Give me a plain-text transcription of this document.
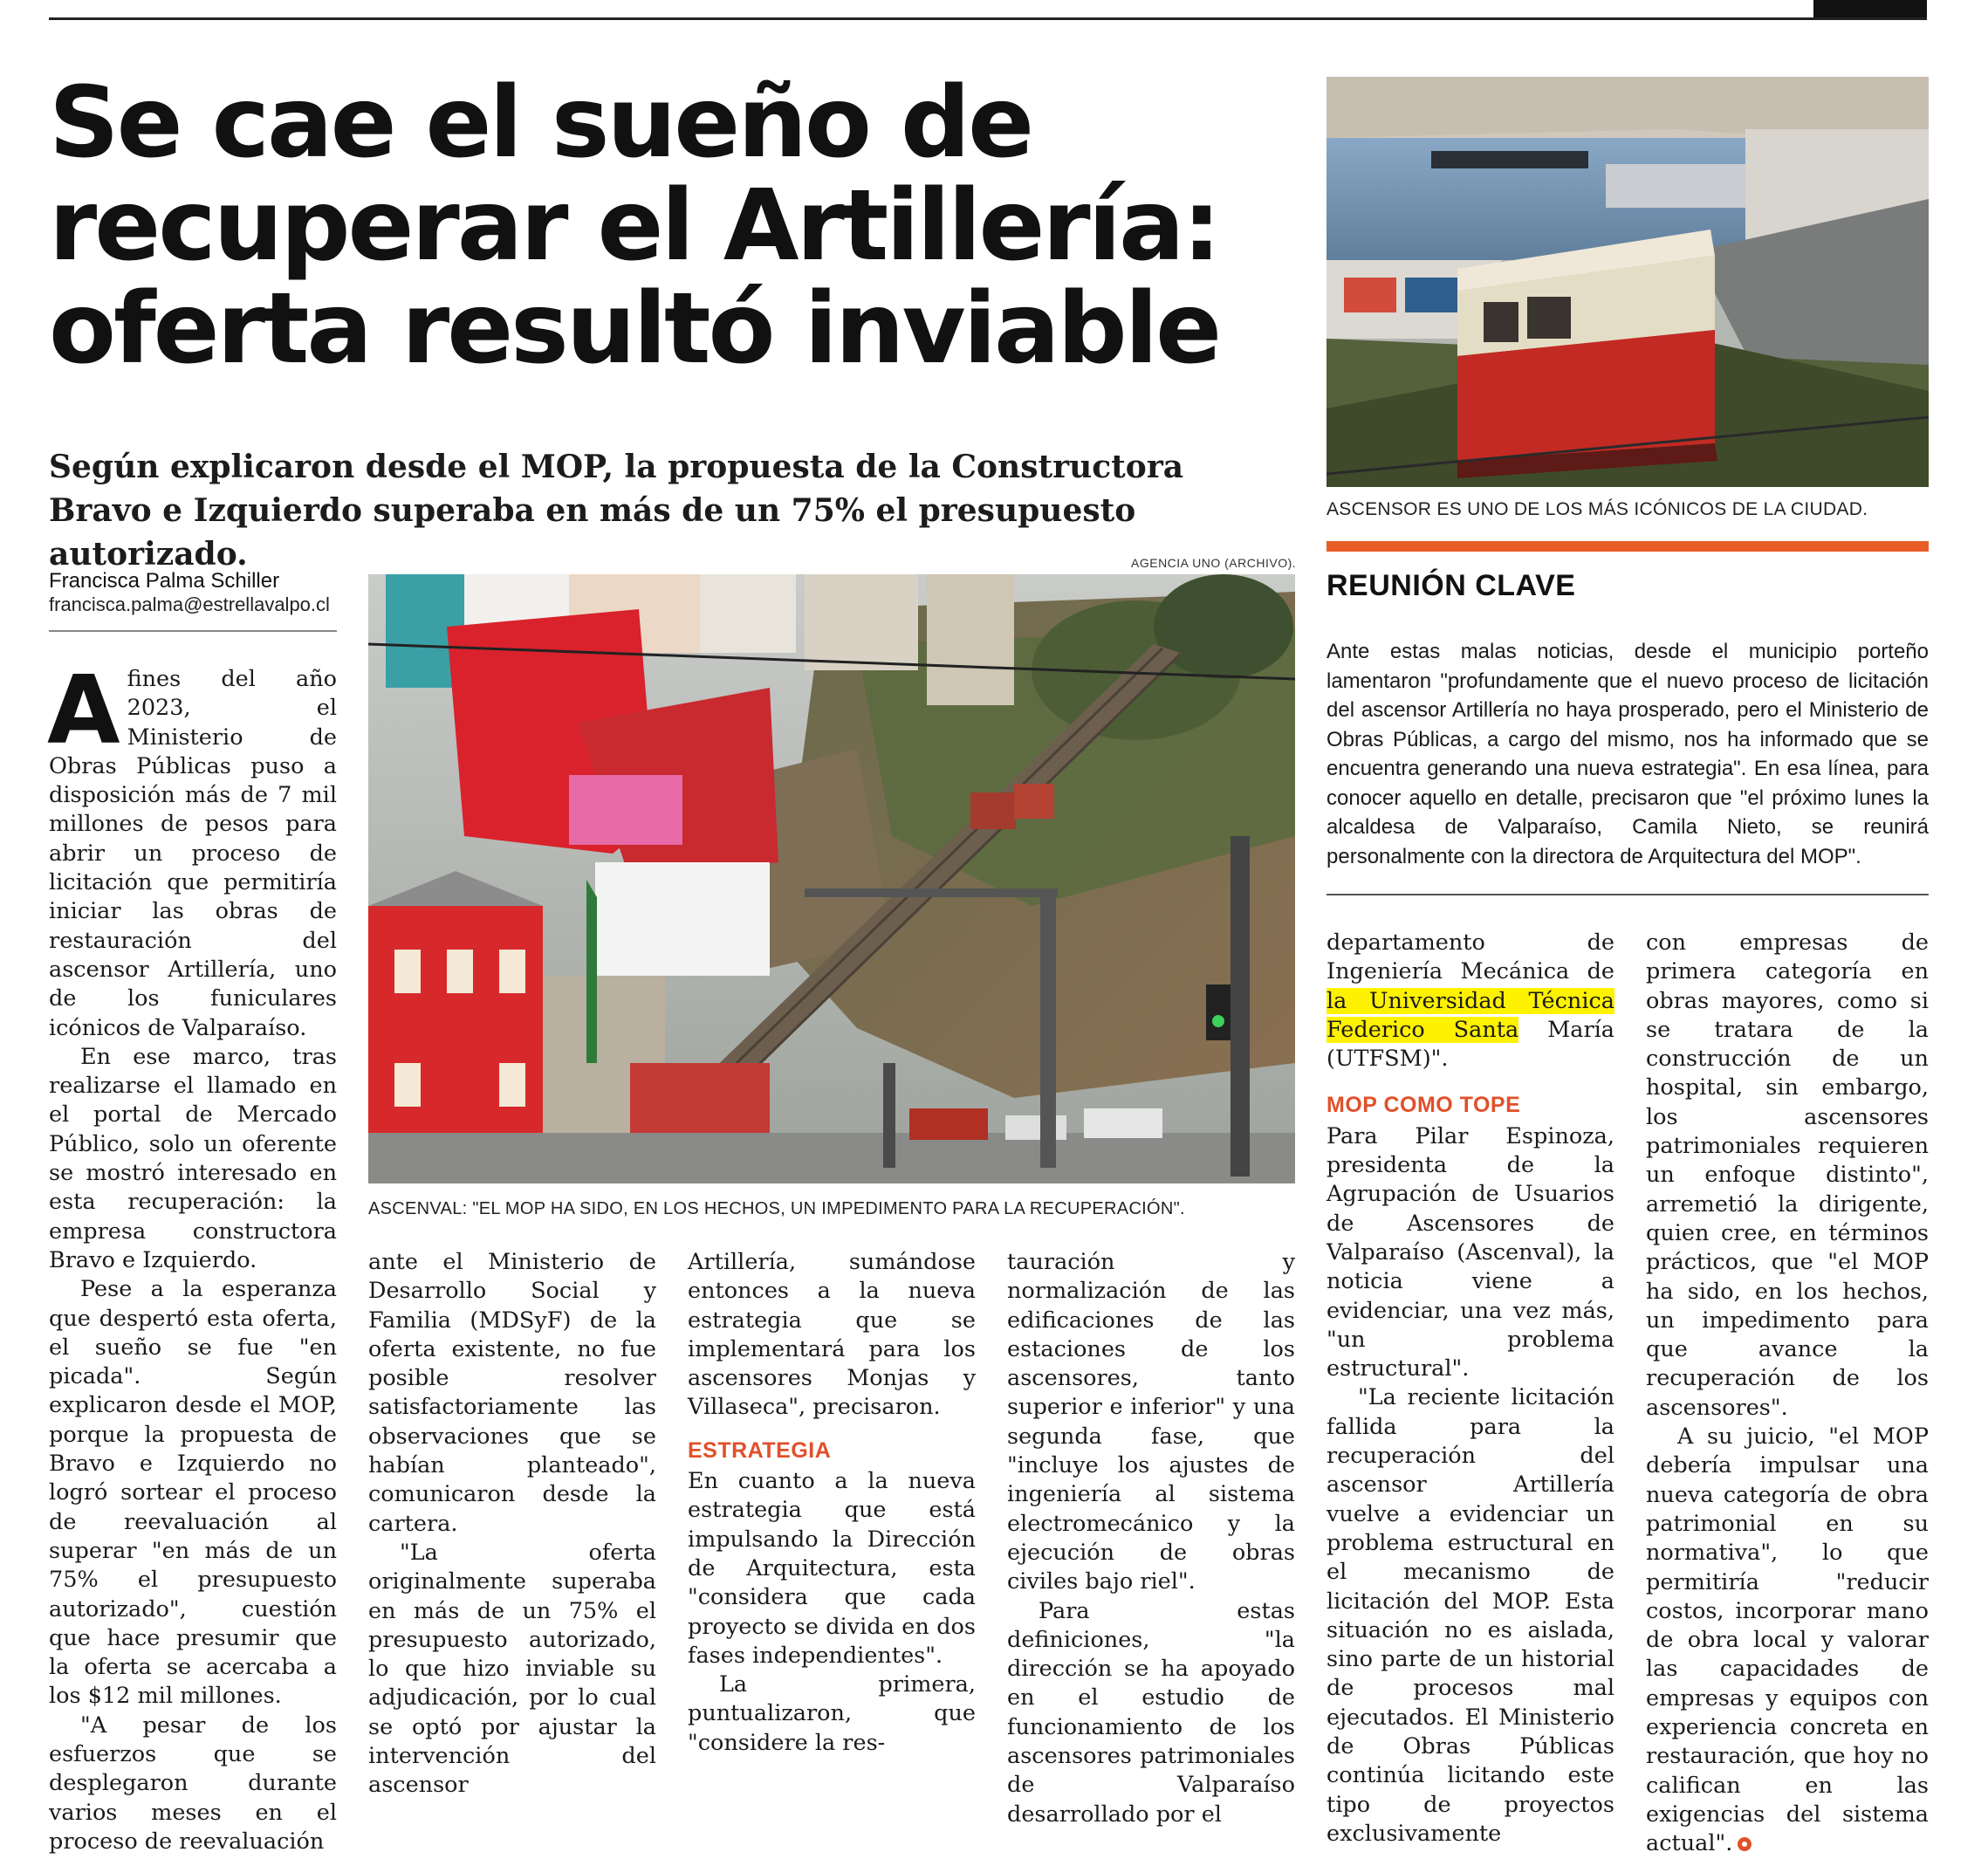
Se cae el sueño de
recuperar el Artillería:
oferta resultó inviable
Según explicaron desde el MOP, la propuesta de la Constructora Bravo e Izquierdo superaba en más de un 75% el presupuesto autorizado.
Francisca Palma Schiller
francisca.palma@estrellavalpo.cl
AGENCIA UNO (ARCHIVO).
ASCENVAL: "EL MOP HA SIDO, EN LOS HECHOS, UN IMPEDIMENTO PARA LA RECUPERACIÓN".
ASCENSOR ES UNO DE LOS MÁS ICÓNICOS DE LA CIUDAD.
REUNIÓN CLAVE
Ante estas malas noticias, desde el municipio porteño lamentaron "profundamente que el nuevo proceso de licitación del ascensor Artillería no haya prosperado, pero el Ministerio de Obras Públicas, a cargo del mismo, nos ha informado que se encuentra generando una nueva estrategia". En esa línea, para conocer aquello en detalle, precisaron que "el próximo lunes la alcaldesa de Valparaíso, Camila Nieto, se reunirá personalmente con la directora de Arquitectura del MOP".

Afines del año 2023, el Ministerio de Obras Públicas puso a disposición más de 7 mil millones de pesos para abrir un proceso de licitación que permitiría iniciar las obras de restauración del ascensor Artillería, uno de los funiculares icónicos de Valparaíso.

En ese marco, tras realizarse el llamado en el portal de Mercado Público, solo un oferente se mostró interesado en esta recuperación: la empresa constructora Bravo e Izquierdo.

Pese a la esperanza que despertó esta oferta, el sueño se fue "en picada". Según explicaron desde el MOP, porque la propuesta de Bravo e Izquierdo no logró sortear el proceso de reevaluación al superar "en más de un 75% el presupuesto autorizado", cuestión que hace presumir que la oferta se acercaba a los $12 mil millones.

"A pesar de los esfuerzos que se desplegaron durante varios meses en el proceso de reevaluación

ante el Ministerio de Desarrollo Social y Familia (MDSyF) de la oferta existente, no fue posible resolver satisfactoriamente las observaciones que se habían planteado", comunicaron desde la cartera.

"La oferta originalmente superaba en más de un 75% el presupuesto autorizado, lo que hizo inviable su adjudicación, por lo cual se optó por ajustar la intervención del ascensor

Artillería, sumándose entonces a la nueva estrategia que se implementará para los ascensores Monjas y Villaseca", precisaron.

ESTRATEGIA

En cuanto a la nueva estrategia que está impulsando la Dirección de Arquitectura, esta "considera que cada proyecto se divida en dos fases independientes".

La primera, puntualizaron, que "considere la res-

tauración y normalización de las edificaciones de las estaciones de los ascensores, tanto superior e inferior" y una segunda fase, que "incluye los ajustes de ingeniería al sistema electromecánico y la ejecución de obras civiles bajo riel".

Para estas definiciones, "la dirección se ha apoyado en el estudio de funcionamiento de los ascensores patrimoniales de Valparaíso desarrollado por el

departamento de Ingeniería Mecánica de la Universidad Técnica Federico Santa María (UTFSM)".

MOP COMO TOPE

Para Pilar Espinoza, presidenta de la Agrupación de Usuarios de Ascensores de Valparaíso (Ascenval), la noticia viene a evidenciar, una vez más, "un problema estructural".

"La reciente licitación fallida para la recuperación del ascensor Artillería vuelve a evidenciar un problema estructural en el mecanismo de licitación del MOP. Esta situación no es aislada, sino parte de un historial de procesos mal ejecutados. El Ministerio de Obras Públicas continúa licitando este tipo de proyectos exclusivamente

con empresas de primera categoría en obras mayores, como si se tratara de la construcción de un hospital, sin embargo, los ascensores patrimoniales requieren un enfoque distinto", arremetió la dirigente, quien cree, en términos prácticos, que "el MOP ha sido, en los hechos, un impedimento para que avance la recuperación de los ascensores".

A su juicio, "el MOP debería impulsar una nueva categoría de obra patrimonial en su normativa", lo que permitiría "reducir costos, incorporar mano de obra local y valorar las capacidades de empresas y equipos con experiencia concreta en restauración, que hoy no califican en las exigencias del sistema actual".
